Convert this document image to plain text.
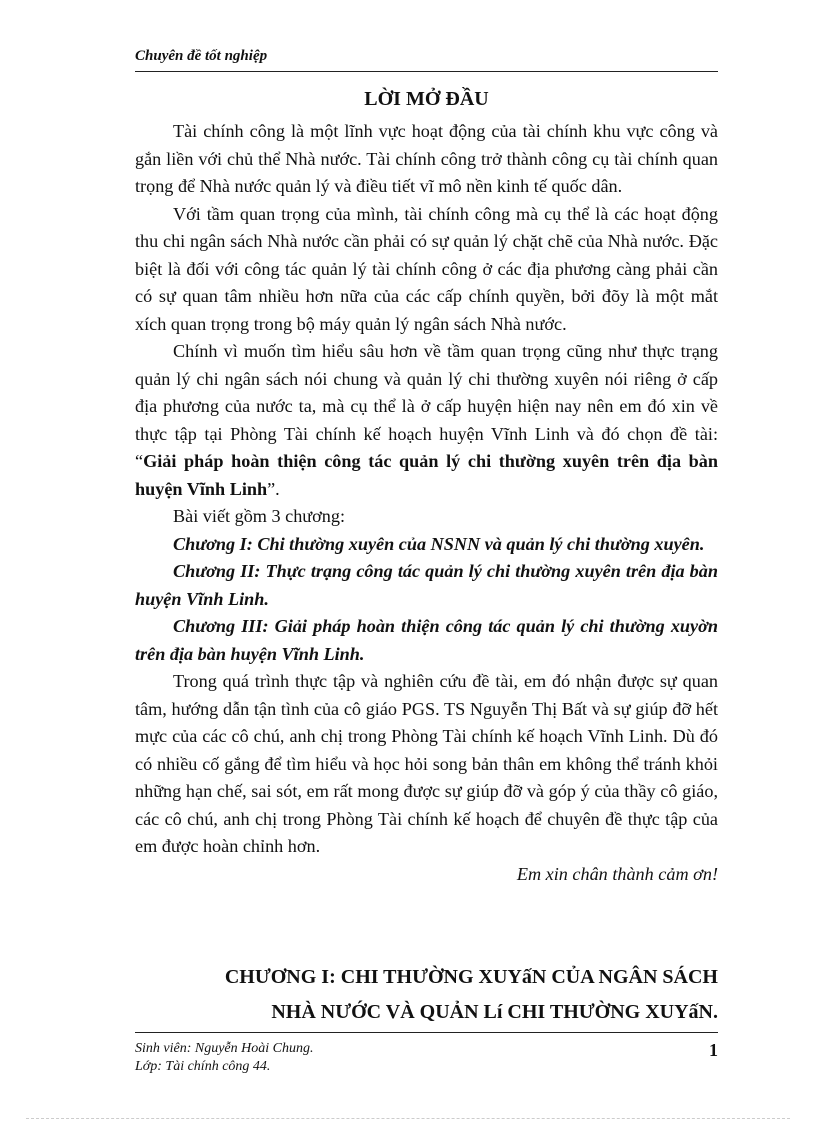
Chuyên đề tốt nghiệp
LỜI MỞ ĐẦU

Tài chính công là một lĩnh vực hoạt động của tài chính khu vực công và gắn liền với chủ thể Nhà nước. Tài chính công trở thành công cụ tài chính quan trọng để Nhà nước quản lý và điều tiết vĩ mô nền kinh tế quốc dân.

Với tầm quan trọng của mình, tài chính công mà cụ thể là các hoạt động thu chi ngân sách Nhà nước cần phải có sự quản lý chặt chẽ của Nhà nước. Đặc biệt là đối với công tác quản lý tài chính công ở các địa phương càng phải cần có sự quan tâm nhiều hơn nữa của các cấp chính quyền, bởi đõy là một mắt xích quan trọng trong bộ máy quản lý ngân sách Nhà nước.

Chính vì muốn tìm hiểu sâu hơn về tầm quan trọng cũng như thực trạng quản lý chi ngân sách nói chung và quản lý chi thường xuyên nói riêng ở cấp địa phương của nước ta, mà cụ thể là ở cấp huyện hiện nay nên em đó xin về thực tập tại Phòng Tài chính kế hoạch huyện Vĩnh Linh và đó chọn đề tài: “Giải pháp hoàn thiện công tác quản lý chi thường xuyên trên địa bàn huyện Vĩnh Linh”.

Bài viết gồm 3 chương:

Chương I: Chi thường xuyên của NSNN và quản lý chi thường xuyên.

Chương II: Thực trạng công tác quản lý chi thường xuyên trên địa bàn huyện Vĩnh Linh.

Chương III: Giải pháp hoàn thiện công tác quản lý chi thường xuyờn trên địa bàn huyện Vĩnh Linh.

Trong quá trình thực tập và nghiên cứu đề tài, em đó nhận được sự quan tâm, hướng dẫn tận tình của cô giáo PGS. TS Nguyễn Thị Bất và sự giúp đỡ hết mực của các cô chú, anh chị trong Phòng Tài chính kế hoạch Vĩnh Linh. Dù đó có nhiều cố gắng để tìm hiểu và học hỏi song bản thân em không thể tránh khỏi những hạn chế, sai sót, em rất mong được sự giúp đỡ và góp ý của thầy cô giáo, các cô chú, anh chị trong Phòng Tài chính kế hoạch để chuyên đề thực tập của em được hoàn chỉnh hơn.

Em xin chân thành cảm ơn!

CHƯƠNG I: CHI THƯỜNG XUYấN CỦA NGÂN SÁCH
NHÀ NƯỚC VÀ QUẢN Lí CHI THƯỜNG XUYấN.
Sinh viên: Nguyễn Hoài Chung.
Lớp: Tài chính công 44.
1
